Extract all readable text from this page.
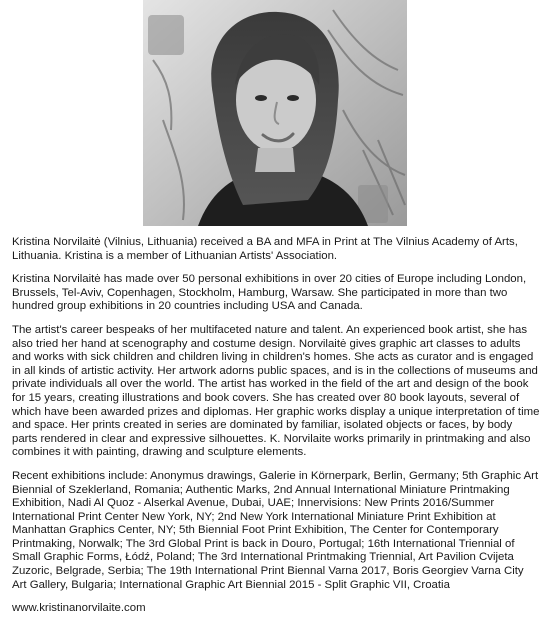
Kristina Norvilaitė (Vilnius, Lithuania) received a BA and MFA in Print at The Vilnius Academy of Arts, Lithuania. Kristina is a member of Lithuanian Artists' Association.

Kristina Norvilaitė has made over 50 personal exhibitions in over 20 cities of Europe including London, Brussels, Tel-Aviv, Copenhagen, Stockholm, Hamburg, Warsaw. She participated in more than two hundred group exhibitions in 20 countries including USA and Canada.

The artist's career bespeaks of her multifaceted nature and talent. An experienced book artist, she has also tried her hand at scenography and costume design. Norvilaitė gives graphic art classes to adults and works with sick children and children living in children's homes. She acts as curator and is engaged in all kinds of artistic activity. Her artwork adorns public spaces, and is in the collections of museums and private individuals all over the world. The artist has worked in the field of the art and design of the book for 15 years, creating illustrations and book covers. She has created over 80 book layouts, several of which have been awarded prizes and diplomas. Her graphic works display a unique interpretation of time and space. Her prints created in series are dominated by familiar, isolated objects or faces, by body parts rendered in clear and expressive silhouettes. K. Norvilaite works primarily in printmaking and also combines it with painting, drawing and sculpture elements.

Recent exhibitions include: Anonymus drawings, Galerie in Körnerpark, Berlin, Germany; 5th Graphic Art Biennial of Szeklerland, Romania; Authentic Marks, 2nd Annual International Miniature Printmaking Exhibition, Nadi Al Quoz - Alserkal Avenue, Dubai, UAE; Innervisions: New Prints 2016/Summer International Print Center New York, NY; 2nd New York International Miniature Print Exhibition at Manhattan Graphics Center, NY; 5th Biennial Foot Print Exhibition, The Center for Contemporary Printmaking, Norwalk; The 3rd Global Print is back in Douro, Portugal; 16th International Triennial of Small Graphic Forms, Łódź, Poland; The 3rd International Printmaking Triennial, Art Pavilion Cvijeta Zuzoric, Belgrade, Serbia; The 19th International Print Biennal Varna 2017, Boris Georgiev Varna City Art Gallery, Bulgaria; International Graphic Art Biennial 2015 - Split Graphic VII, Croatia

www.kristinanorvilaite.com
